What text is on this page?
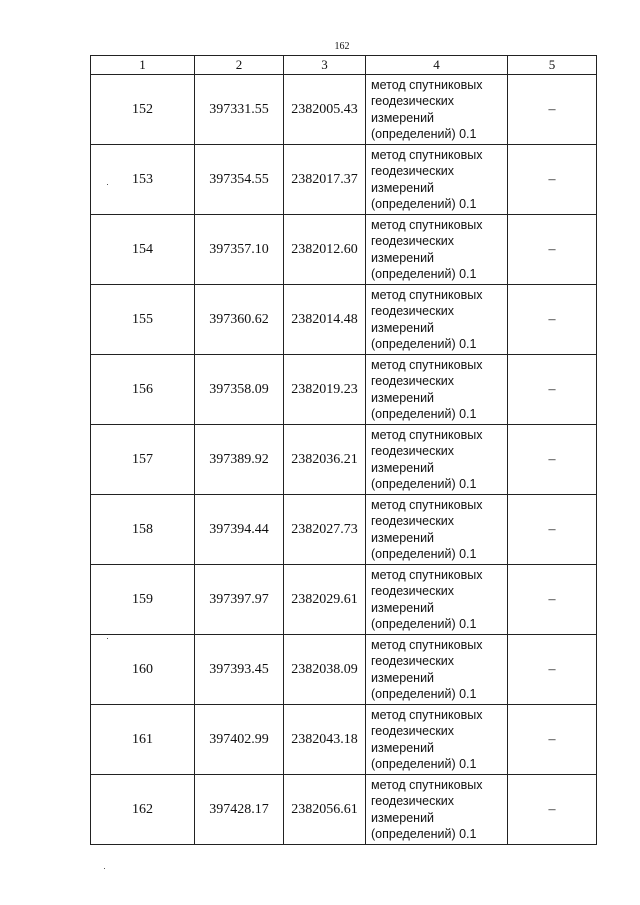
162
1	2	3	4	5
152	397331.55	2382005.43	метод спутниковых
геодезических
измерений
(определений) 0.1	–
153	397354.55	2382017.37	метод спутниковых
геодезических
измерений
(определений) 0.1	–
154	397357.10	2382012.60	метод спутниковых
геодезических
измерений
(определений) 0.1	–
155	397360.62	2382014.48	метод спутниковых
геодезических
измерений
(определений) 0.1	–
156	397358.09	2382019.23	метод спутниковых
геодезических
измерений
(определений) 0.1	–
157	397389.92	2382036.21	метод спутниковых
геодезических
измерений
(определений) 0.1	–
158	397394.44	2382027.73	метод спутниковых
геодезических
измерений
(определений) 0.1	–
159	397397.97	2382029.61	метод спутниковых
геодезических
измерений
(определений) 0.1	–
160	397393.45	2382038.09	метод спутниковых
геодезических
измерений
(определений) 0.1	–
161	397402.99	2382043.18	метод спутниковых
геодезических
измерений
(определений) 0.1	–
162	397428.17	2382056.61	метод спутниковых
геодезических
измерений
(определений) 0.1	–
